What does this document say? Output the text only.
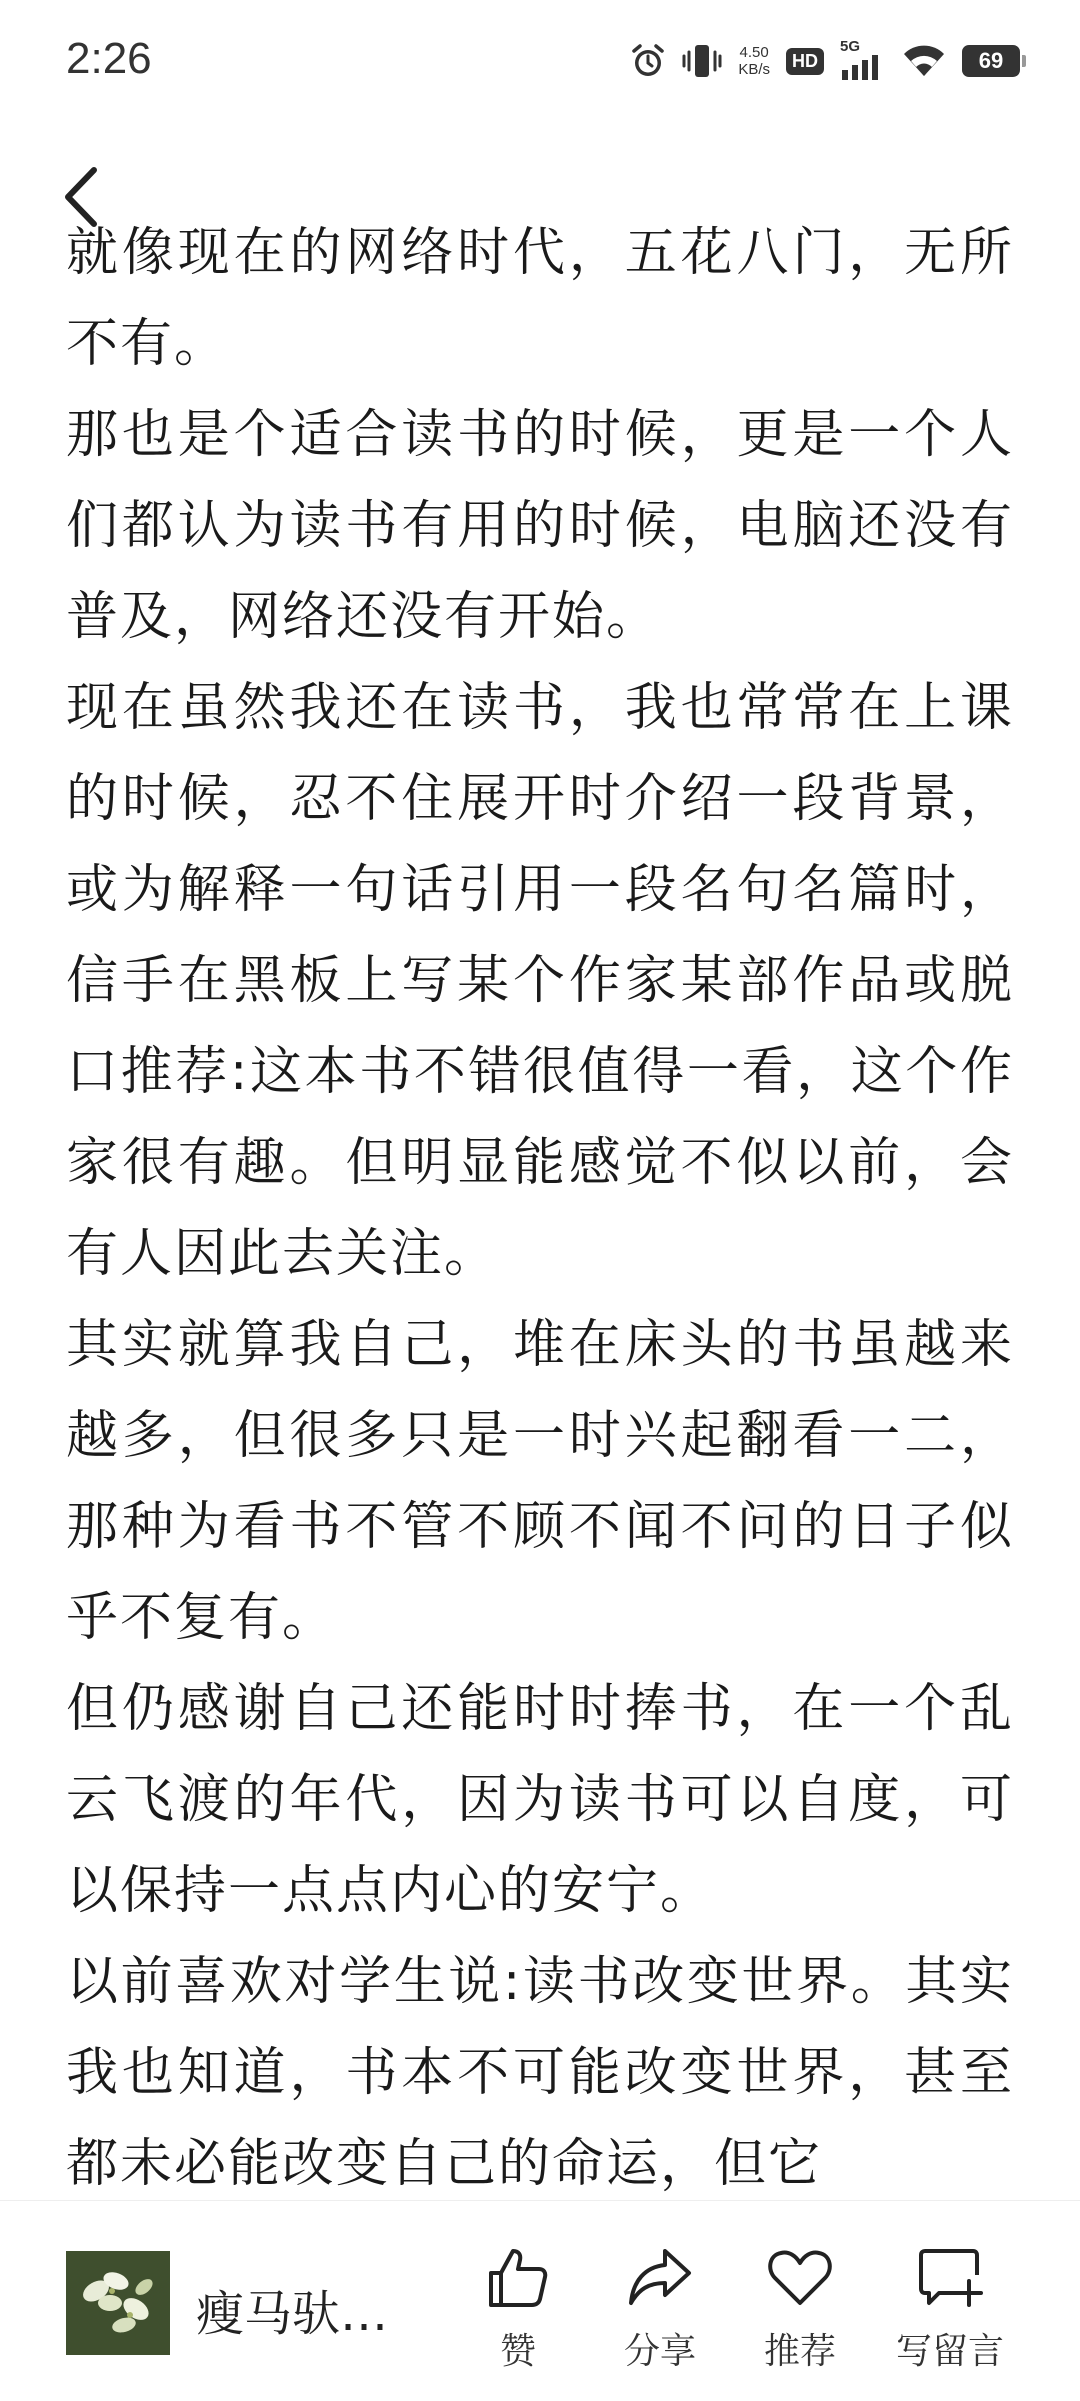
2:26	4.50
KB/s	HD
5G
69

就像现在的网络时代，五花八门，无所不有。

那也是个适合读书的时候，更是一个人们都认为读书有用的时候，电脑还没有普及，网络还没有开始。

现在虽然我还在读书，我也常常在上课的时候，忍不住展开时介绍一段背景，或为解释一句话引用一段名句名篇时，信手在黑板上写某个作家某部作品或脱口推荐:这本书不错很值得一看，这个作家很有趣。但明显能感觉不似以前，会有人因此去关注。

其实就算我自己，堆在床头的书虽越来越多，但很多只是一时兴起翻看一二，那种为看书不管不顾不闻不问的日子似乎不复有。

但仍感谢自己还能时时捧书，在一个乱云飞渡的年代，因为读书可以自度，可以保持一点点内心的安宁。

以前喜欢对学生说:读书改变世界。其实我也知道，书本不可能改变世界，甚至都未必能改变自己的命运，但它

瘦马驮…
赞	分享	推荐	写留言
